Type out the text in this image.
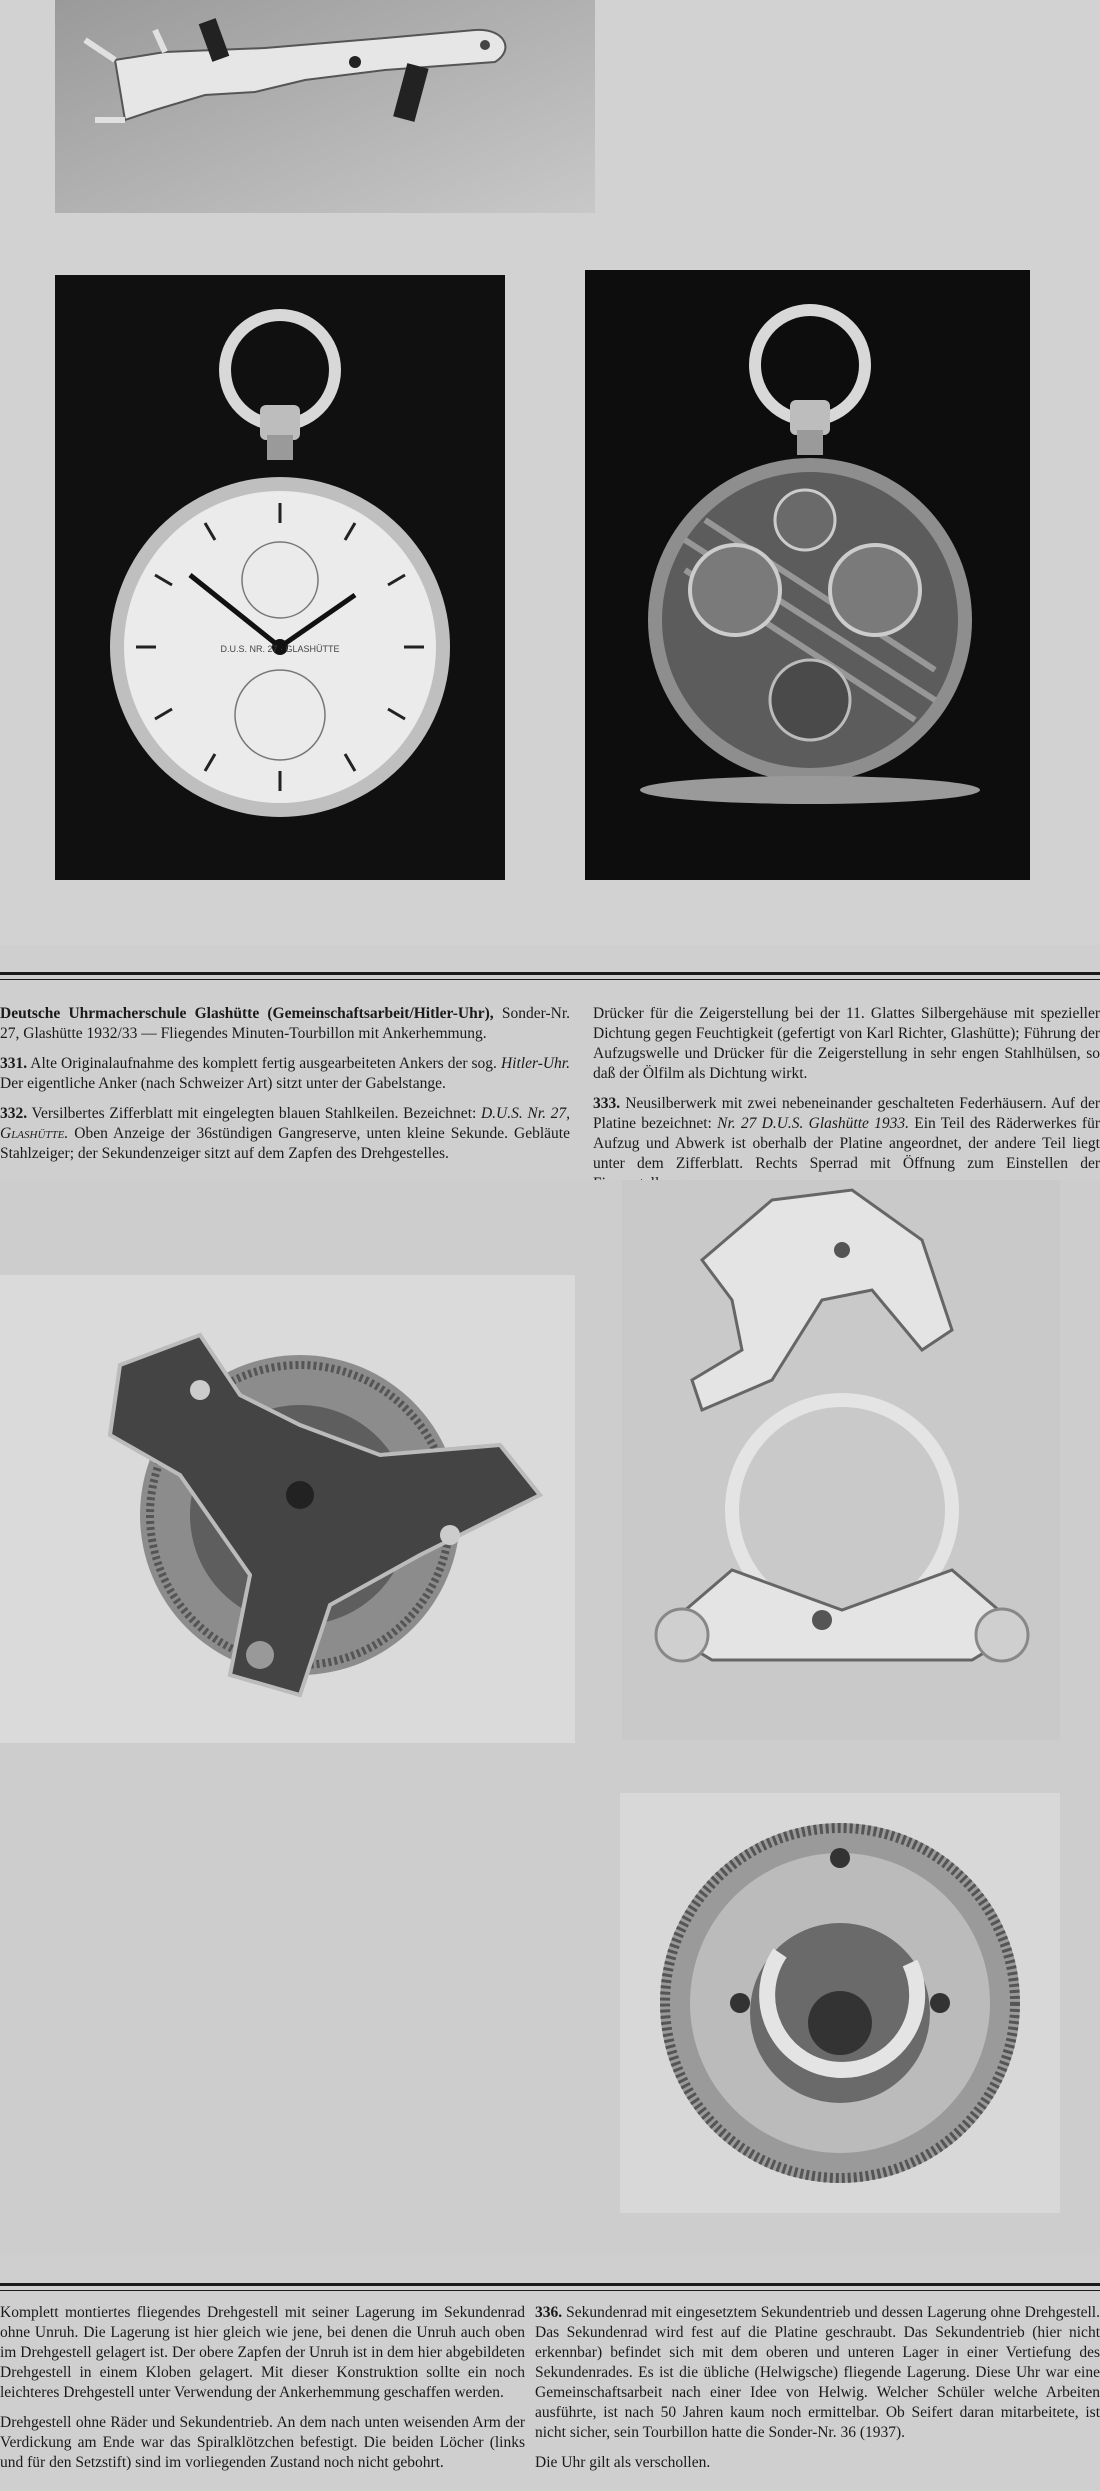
D.U.S. NR. 27 · GLASHÜTTE

Deutsche Uhrmacherschule Glashütte (Gemeinschaftsarbeit/Hitler-Uhr), Sonder-Nr. 27, Glashütte 1932/33 — Fliegendes Minuten-Tourbillon mit Ankerhemmung.

331. Alte Originalaufnahme des komplett fertig ausgearbeiteten Ankers der sog. Hitler-Uhr. Der eigentliche Anker (nach Schweizer Art) sitzt unter der Gabelstange.

332. Versilbertes Zifferblatt mit eingelegten blauen Stahlkeilen. Bezeichnet: D.U.S. Nr. 27, Glashütte. Oben Anzeige der 36stündigen Gangreserve, unten kleine Sekunde. Gebläute Stahlzeiger; der Sekundenzeiger sitzt auf dem Zapfen des Drehgestelles.

Drücker für die Zeigerstellung bei der 11. Glattes Silbergehäuse mit spezieller Dichtung gegen Feuchtigkeit (gefertigt von Karl Richter, Glashütte); Führung der Aufzugswelle und Drücker für die Zeigerstellung in sehr engen Stahlhülsen, so daß der Ölfilm als Dichtung wirkt.

333. Neusilberwerk mit zwei nebeneinander geschalteten Federhäusern. Auf der Platine bezeichnet: Nr. 27 D.U.S. Glashütte 1933. Ein Teil des Räderwerkes für Aufzug und Abwerk ist oberhalb der Platine angeordnet, der andere Teil liegt unter dem Zifferblatt. Rechts Sperrad mit Öffnung zum Einstellen der

Komplett montiertes fliegendes Drehgestell mit seiner Lagerung im Sekundenrad ohne Unruh. Die Lagerung ist hier gleich wie jene, bei denen die Unruh auch oben im Drehgestell gelagert ist. Der obere Zapfen der Unruh ist in dem hier abgebildeten Drehgestell in einem Kloben gelagert. Mit dieser Konstruktion sollte ein noch leichteres Drehgestell unter Verwendung der Ankerhemmung geschaffen werden.

Drehgestell ohne Räder und Sekundentrieb. An dem nach unten weisenden Arm der Verdickung am Ende war das Spiralklötzchen befestigt. Die beiden Löcher (links und für den Setzstift) sind im vorliegenden Zustand noch nicht gebohrt.

336. Sekundenrad mit eingesetztem Sekundentrieb und dessen Lagerung ohne Drehgestell. Das Sekundenrad wird fest auf die Platine geschraubt. Das Sekundentrieb (hier nicht erkennbar) befindet sich mit dem oberen und unteren Lager in einer Vertiefung des Sekundenrades. Es ist die übliche (Helwigsche) fliegende Lagerung. Diese Uhr war eine Gemeinschaftsarbeit nach einer Idee von Helwig. Welcher Schüler welche Arbeiten ausführte, ist nach 50 Jahren kaum noch ermittelbar. Ob Seifert daran mitarbeitete, ist nicht sicher, sein Tourbillon hatte die Sonder-Nr. 36 (1937).

Die Uhr gilt als verschollen.
